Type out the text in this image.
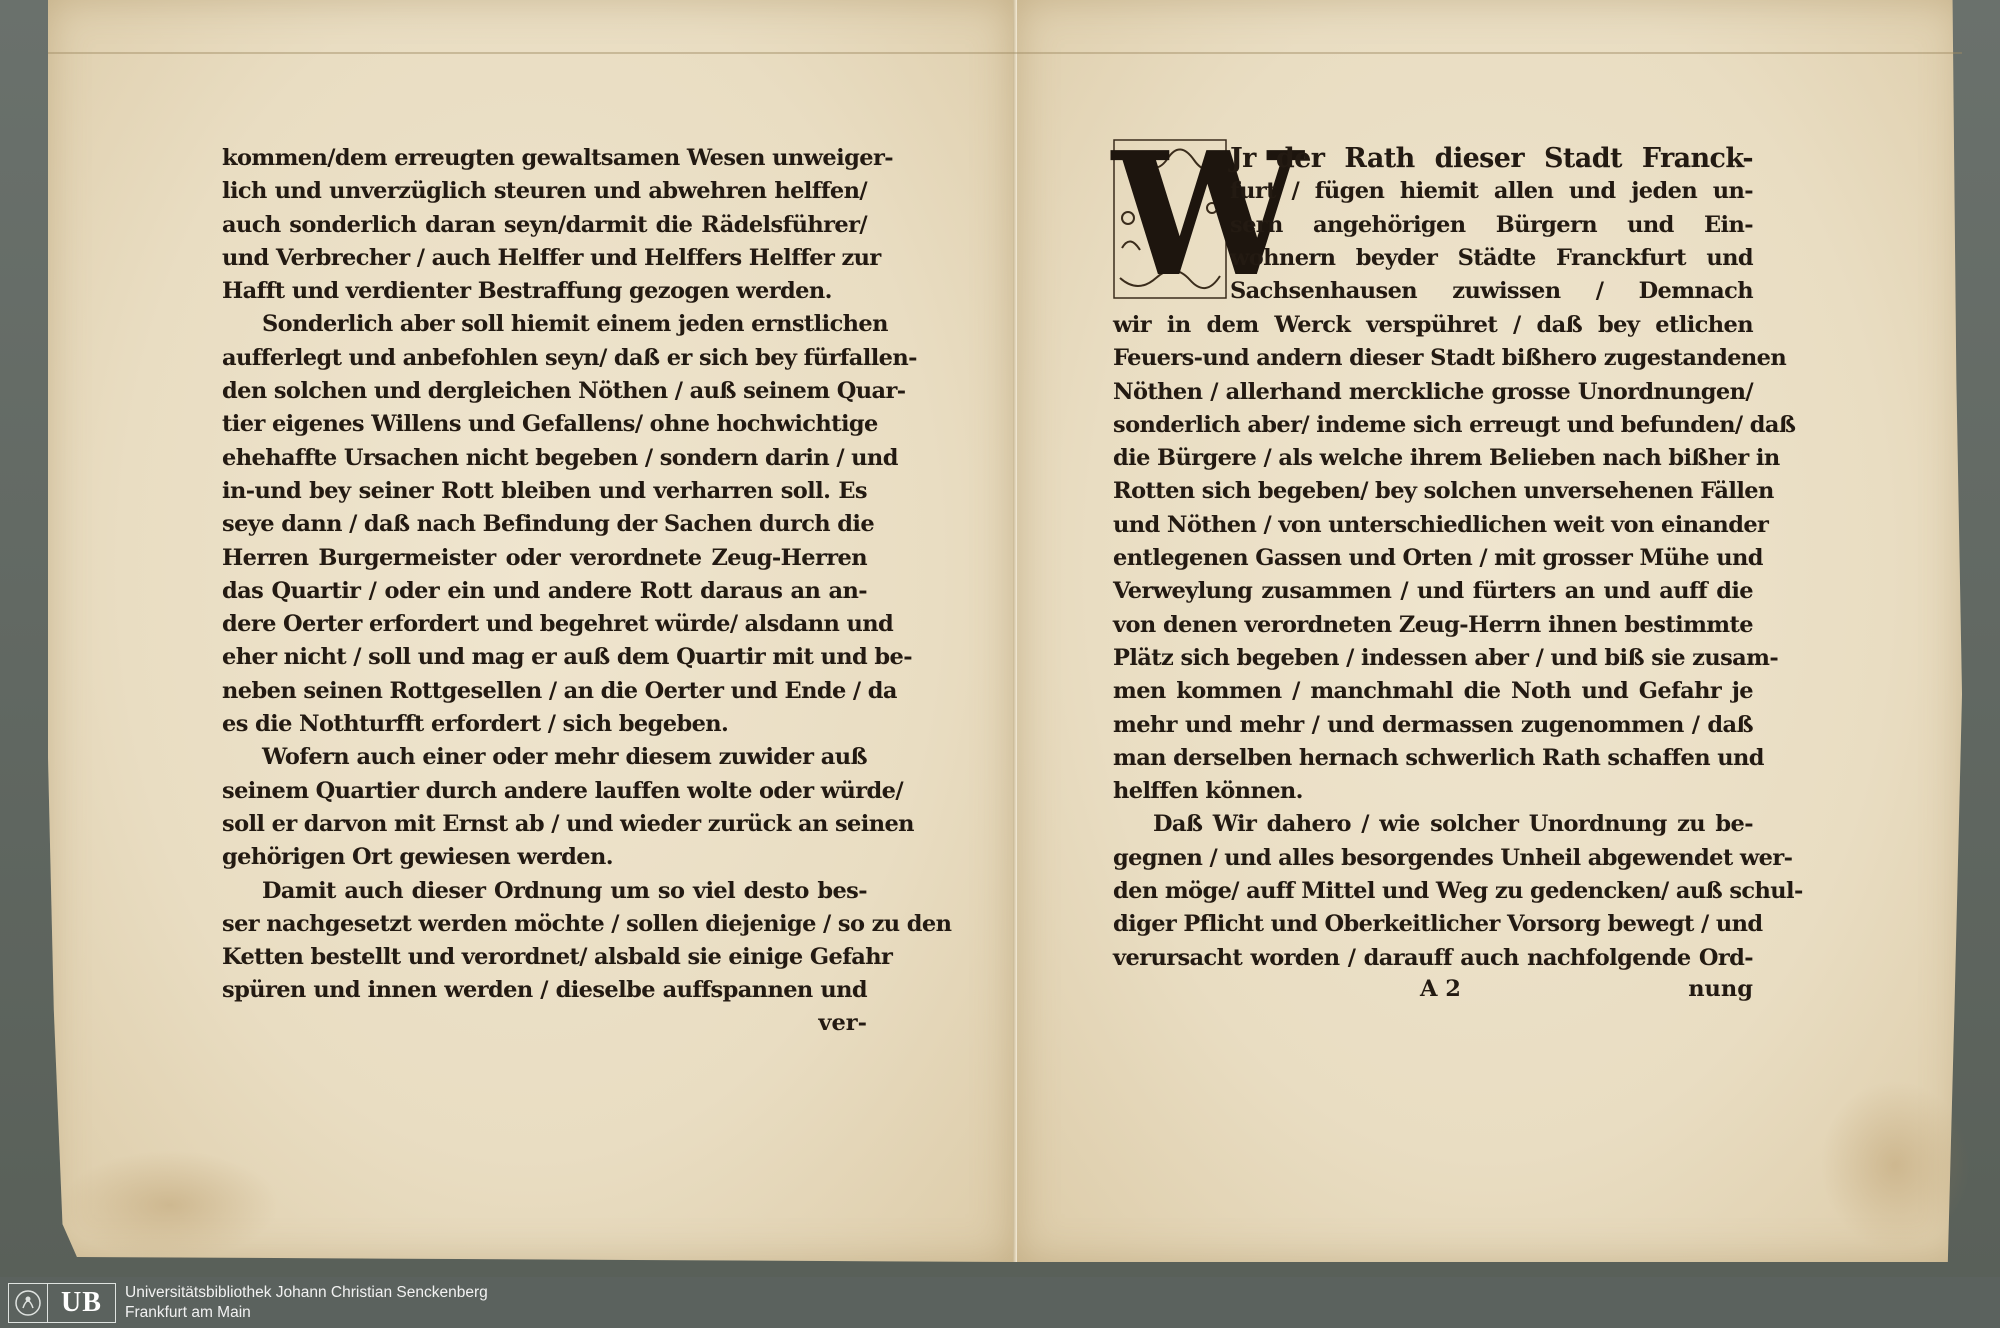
kommen/dem erreugten gewaltsamen Wesen unweiger-
lich und unverzüglich steuren und abwehren helffen/
auch sonderlich daran seyn/darmit die Rädelsführer/
und Verbrecher / auch Helffer und Helffers Helffer zur
Hafft und verdienter Bestraffung gezogen werden.
Sonderlich aber soll hiemit einem jeden ernstlichen
aufferlegt und anbefohlen seyn/ daß er sich bey fürfallen-
den solchen und dergleichen Nöthen / auß seinem Quar-
tier eigenes Willens und Gefallens/ ohne hochwichtige
ehehaffte Ursachen nicht begeben / sondern darin / und
in-und bey seiner Rott bleiben und verharren soll. Es
seye dann / daß nach Befindung der Sachen durch die
Herren Burgermeister oder verordnete Zeug-Herren
das Quartir / oder ein und andere Rott daraus an an-
dere Oerter erfordert und begehret würde/ alsdann und
eher nicht / soll und mag er auß dem Quartir mit und be-
neben seinen Rottgesellen / an die Oerter und Ende / da
es die Nothturfft erfordert / sich begeben.
Wofern auch einer oder mehr diesem zuwider auß
seinem Quartier durch andere lauffen wolte oder würde/
soll er darvon mit Ernst ab / und wieder zurück an seinen
gehörigen Ort gewiesen werden.
Damit auch dieser Ordnung um so viel desto bes-
ser nachgesetzt werden möchte / sollen diejenige / so zu den
Ketten bestellt und verordnet/ alsbald sie einige Gefahr
spüren und innen werden / dieselbe auffspannen und
ver-
W
Jr der Rath dieser Stadt Franck-
furt / fügen hiemit allen und jeden un-
sern angehörigen Bürgern und Ein-
wohnern beyder Städte Franckfurt und
Sachsenhausen zuwissen / Demnach
wir in dem Werck verspühret / daß bey etlichen
Feuers-und andern dieser Stadt bißhero zugestandenen
Nöthen / allerhand merckliche grosse Unordnungen/
sonderlich aber/ indeme sich erreugt und befunden/ daß
die Bürgere / als welche ihrem Belieben nach bißher in
Rotten sich begeben/ bey solchen unversehenen Fällen
und Nöthen / von unterschiedlichen weit von einander
entlegenen Gassen und Orten / mit grosser Mühe und
Verweylung zusammen / und fürters an und auff die
von denen verordneten Zeug-Herrn ihnen bestimmte
Plätz sich begeben / indessen aber / und biß sie zusam-
men kommen / manchmahl die Noth und Gefahr je
mehr und mehr / und dermassen zugenommen / daß
man derselben hernach schwerlich Rath schaffen und
helffen können.
Daß Wir dahero / wie solcher Unordnung zu be-
gegnen / und alles besorgendes Unheil abgewendet wer-
den möge/ auff Mittel und Weg zu gedencken/ auß schul-
diger Pflicht und Oberkeitlicher Vorsorg bewegt / und
verursacht worden / darauff auch nachfolgende Ord-
A 2	nung
UB	Universitätsbibliothek Johann Christian Senckenberg
Frankfurt am Main
